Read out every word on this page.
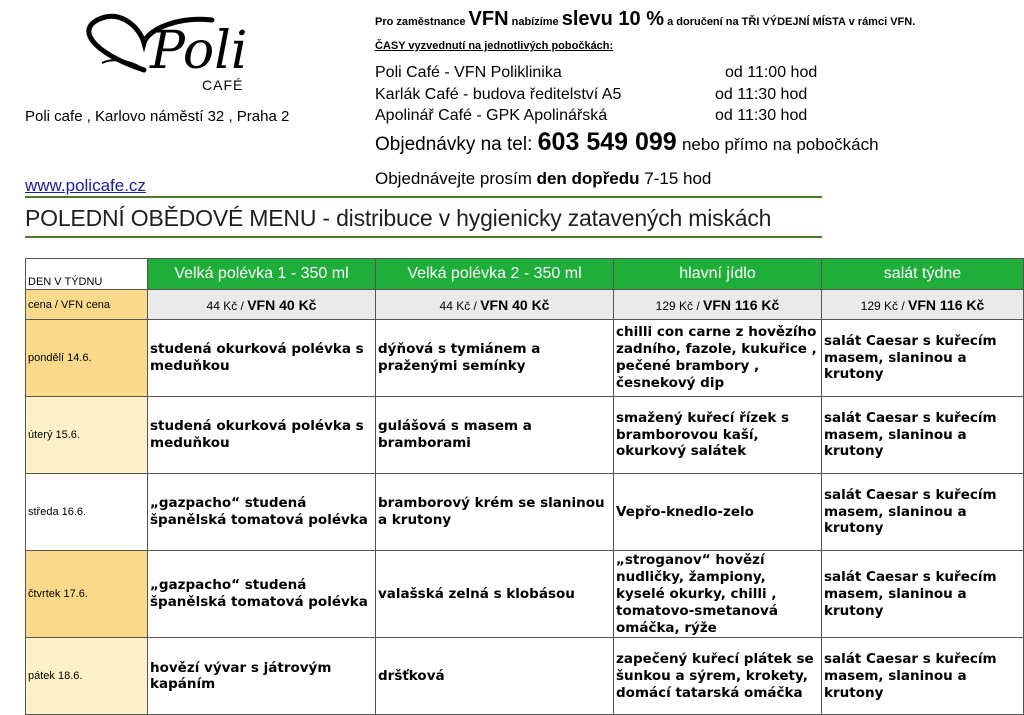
Poli
CAFÉ
Poli cafe , Karlovo náměstí 32 , Praha 2
www.policafe.cz
Pro zaměstnance VFN nabízíme slevu 10 % a doručení na TŘI VÝDEJNÍ MÍSTA v rámci VFN.
ČASY vyzvednutí na jednotlivých pobočkách:
Poli Café - VFN Poliklinika	od 11:00 hod
Karlák Café - budova ředitelství A5	od 11:30 hod
Apolinář Café - GPK Apolinářská	od 11:30 hod
Objednávky na tel: 603 549 099 nebo přímo na pobočkách
Objednávejte prosím den dopředu 7-15 hod
POLEDNÍ OBĚDOVÉ MENU - distribuce v hygienicky zatavených miskách
DEN V TÝDNU	Velká polévka 1 - 350 ml	Velká polévka 2 - 350 ml	hlavní jídlo	salát týdne
cena / VFN cena	44 Kč / VFN 40 Kč	44 Kč / VFN 40 Kč	129 Kč / VFN 116 Kč	129 Kč / VFN 116 Kč
pondělí 14.6.	studená okurková polévka s meduňkou	dýňová s tymiánem a praženými semínky	chilli con carne z hovězího zadního, fazole, kukuřice , pečené brambory , česnekový dip	salát Caesar s kuřecím masem, slaninou a krutony
úterý 15.6.	studená okurková polévka s meduňkou	gulášová s masem a bramborami	smažený kuřecí řízek s bramborovou kaší, okurkový salátek	salát Caesar s kuřecím masem, slaninou a krutony
středa 16.6.	„gazpacho“ studená španělská tomatová polévka	bramborový krém se slaninou a krutony	Vepřo-knedlo-zelo	salát Caesar s kuřecím masem, slaninou a krutony
čtvrtek 17.6.	„gazpacho“ studená španělská tomatová polévka	valašská zelná s klobásou	„stroganov“ hovězí nudličky, žampiony, kyselé okurky, chilli , tomatovo-smetanová omáčka, rýže	salát Caesar s kuřecím masem, slaninou a krutony
pátek 18.6.	hovězí vývar s játrovým kapáním	dršťková	zapečený kuřecí plátek se šunkou a sýrem, krokety, domácí tatarská omáčka	salát Caesar s kuřecím masem, slaninou a krutony
